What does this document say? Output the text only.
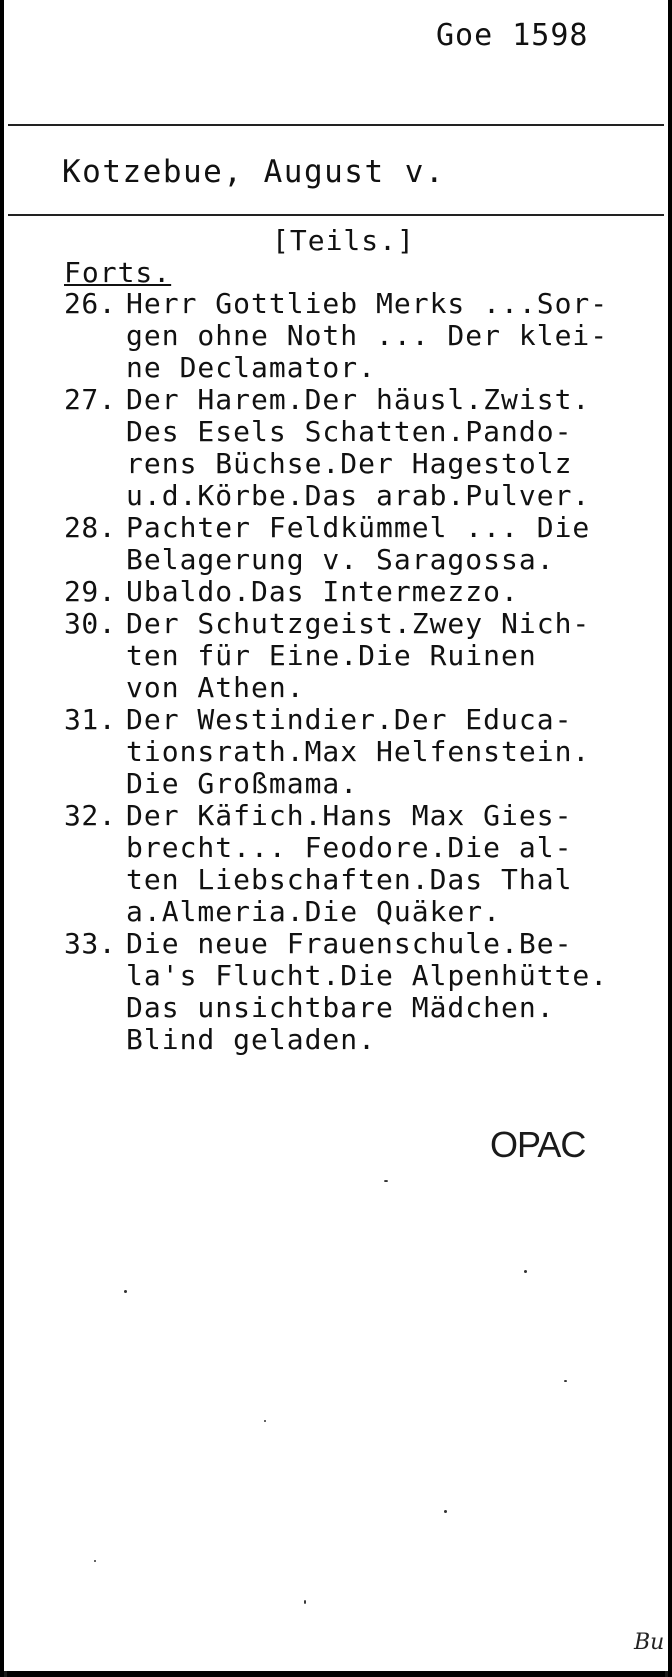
Goe 1598
Kotzebue, August v.
[Teils.]
Forts.
26. Herr Gottlieb Merks ...Sor-
gen ohne Noth ... Der klei-
ne Declamator.
27. Der Harem.Der häusl.Zwist.
Des Esels Schatten.Pando-
rens Büchse.Der Hagestolz
u.d.Körbe.Das arab.Pulver.
28. Pachter Feldkümmel ... Die
Belagerung v. Saragossa.
29. Ubaldo.Das Intermezzo.
30. Der Schutzgeist.Zwey Nich-
ten für Eine.Die Ruinen
von Athen.
31. Der Westindier.Der Educa-
tionsrath.Max Helfenstein.
Die Großmama.
32. Der Käfich.Hans Max Gies-
brecht... Feodore.Die al-
ten Liebschaften.Das Thal
a.Almeria.Die Quäker.
33. Die neue Frauenschule.Be-
la's Flucht.Die Alpenhütte.
Das unsichtbare Mädchen.
Blind geladen.
OPAC
Bu
